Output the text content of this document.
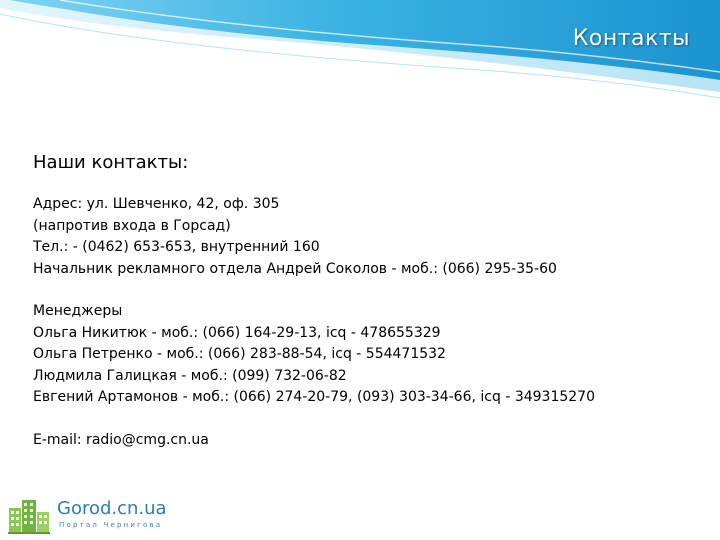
Контакты
Наши контакты:
Адрес: ул. Шевченко, 42, оф. 305
(напротив входа в Горсад)
Тел.: - (0462) 653-653, внутренний 160
Начальник рекламного отдела Андрей Соколов - моб.: (066) 295-35-60
Менеджеры
Ольга Никитюк - моб.: (066) 164-29-13, icq - 478655329
Ольга Петренко - моб.: (066) 283-88-54, icq - 554471532
Людмила Галицкая - моб.: (099) 732-06-82
Евгений Артамонов - моб.: (066) 274-20-79, (093) 303-34-66, icq - 349315270
E-mail: radio@cmg.cn.ua
Gorod.cn.ua
Портал Чернигова
